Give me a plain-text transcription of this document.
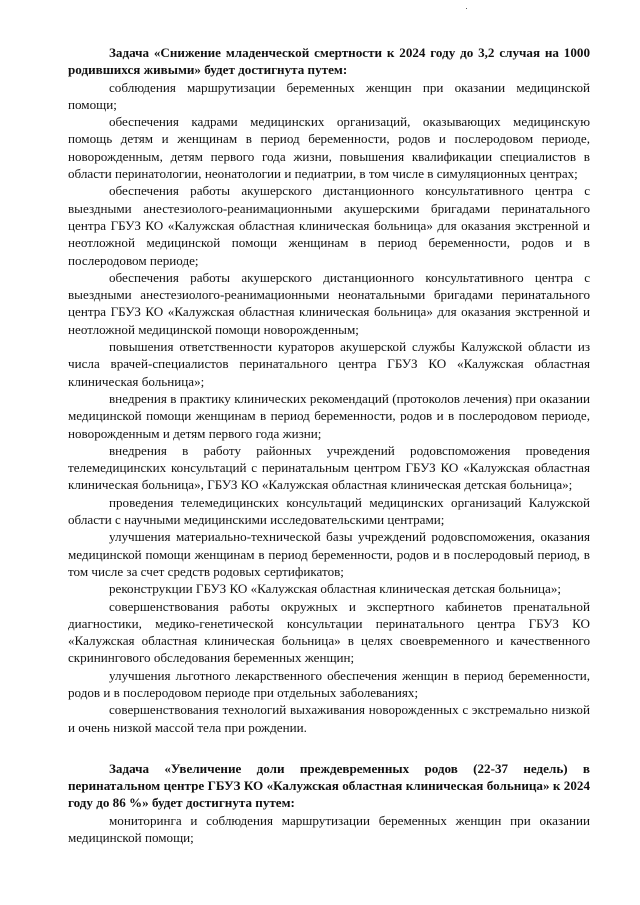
Задача «Снижение младенческой смертности к 2024 году до 3,2 случая на 1000 родившихся живыми» будет достигнута путем:

соблюдения маршрутизации беременных женщин при оказании медицинской помощи;

обеспечения кадрами медицинских организаций, оказывающих медицинскую помощь детям и женщинам в период беременности, родов и послеродовом периоде, новорожденным, детям первого года жизни, повышения квалификации специалистов в области перинатологии, неонатологии и педиатрии, в том числе в симуляционных центрах;

обеспечения работы акушерского дистанционного консультативного центра с выездными анестезиолого-реанимационными акушерскими бригадами перинатального центра ГБУЗ КО «Калужская областная клиническая больница» для оказания экстренной и неотложной медицинской помощи женщинам в период беременности, родов и в послеродовом периоде;

обеспечения работы акушерского дистанционного консультативного центра с выездными анестезиолого-реанимационными неонатальными бригадами перинатального центра ГБУЗ КО «Калужская областная клиническая больница» для оказания экстренной и неотложной медицинской помощи новорожденным;

повышения ответственности кураторов акушерской службы Калужской области из числа врачей-специалистов перинатального центра ГБУЗ КО «Калужская областная клиническая больница»;

внедрения в практику клинических рекомендаций (протоколов лечения) при оказании медицинской помощи женщинам в период беременности, родов и в послеродовом периоде, новорожденным и детям первого года жизни;

внедрения в работу районных учреждений родовспоможения проведения телемедицинских консультаций с перинатальным центром ГБУЗ КО «Калужская областная клиническая больница», ГБУЗ КО «Калужская областная клиническая детская больница»;

проведения телемедицинских консультаций медицинских организаций Калужской области с научными медицинскими исследовательскими центрами;

улучшения материально-технической базы учреждений родовспоможения, оказания медицинской помощи женщинам в период беременности, родов и в послеродовый период, в том числе за счет средств родовых сертификатов;

реконструкции ГБУЗ КО «Калужская областная клиническая детская больница»;

совершенствования работы окружных и экспертного кабинетов пренатальной диагностики, медико-генетической консультации перинатального центра ГБУЗ КО «Калужская областная клиническая больница» в целях своевременного и качественного скринингового обследования беременных женщин;

улучшения льготного лекарственного обеспечения женщин в период беременности, родов и в послеродовом периоде при отдельных заболеваниях;

совершенствования технологий выхаживания новорожденных с экстремально низкой и очень низкой массой тела при рождении.

Задача «Увеличение доли преждевременных родов (22-37 недель) в перинатальном центре ГБУЗ КО «Калужская областная клиническая больница» к 2024 году до 86 %» будет достигнута путем:

мониторинга и соблюдения маршрутизации беременных женщин при оказании медицинской помощи;
